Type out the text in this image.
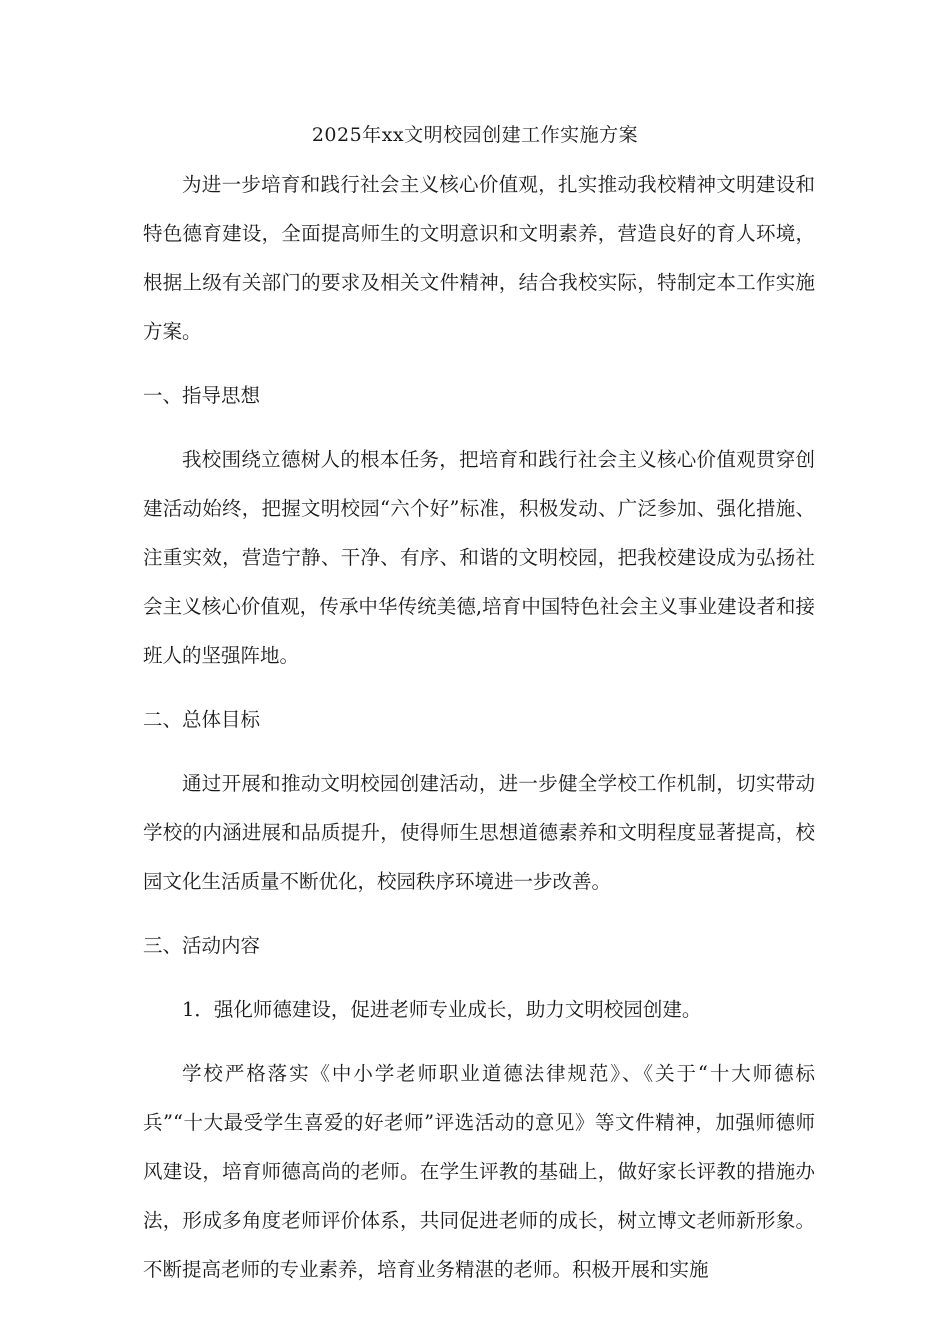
2025年xx文明校园创建工作实施方案

为进一步培育和践行社会主义核心价值观，扎实推动我校精神文明建设和特色德育建设，全面提高师生的文明意识和文明素养，营造良好的育人环境，根据上级有关部门的要求及相关文件精神，结合我校实际，特制定本工作实施方案。

一、指导思想

我校围绕立德树人的根本任务，把培育和践行社会主义核心价值观贯穿创建活动始终，把握文明校园“六个好”标准，积极发动、广泛参加、强化措施、注重实效，营造宁静、干净、有序、和谐的文明校园，把我校建设成为弘扬社会主义核心价值观，传承中华传统美德,培育中国特色社会主义事业建设者和接班人的坚强阵地。

二、总体目标

通过开展和推动文明校园创建活动，进一步健全学校工作机制，切实带动学校的内涵进展和品质提升，使得师生思想道德素养和文明程度显著提高，校园文化生活质量不断优化，校园秩序环境进一步改善。

三、活动内容

1．强化师德建设，促进老师专业成长，助力文明校园创建。

学校严格落实《中小学老师职业道德法律规范》、《关于“十大师德标兵”“十大最受学生喜爱的好老师”评选活动的意见》等文件精神，加强师德师风建设，培育师德高尚的老师。在学生评教的基础上，做好家长评教的措施办法，形成多角度老师评价体系，共同促进老师的成长，树立博文老师新形象。不断提高老师的专业素养，培育业务精湛的老师。积极开展和实施
